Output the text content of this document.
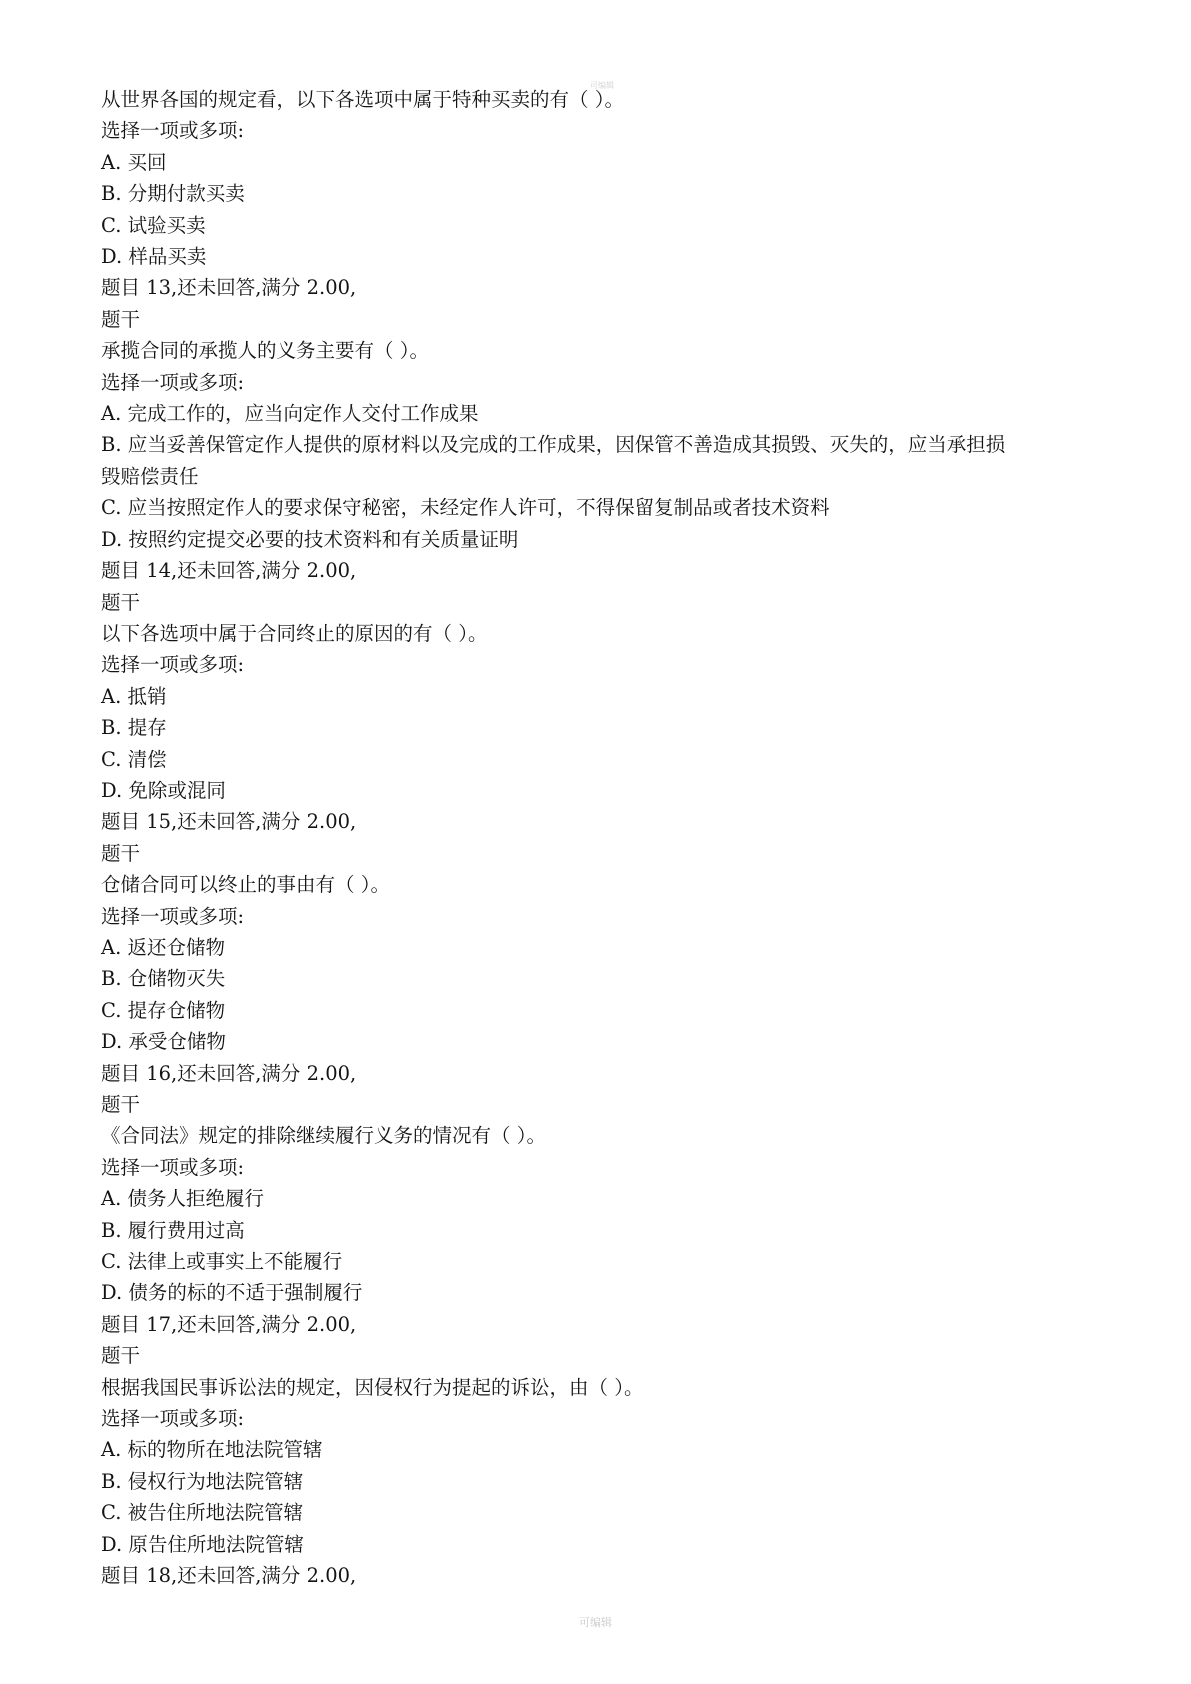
可编辑

从世界各国的规定看，以下各选项中属于特种买卖的有（ ）。

选择一项或多项:

A. 买回

B. 分期付款买卖

C. 试验买卖

D. 样品买卖

题目 13,还未回答,满分 2.00,

题干

承揽合同的承揽人的义务主要有（ ）。

选择一项或多项:

A. 完成工作的，应当向定作人交付工作成果

B. 应当妥善保管定作人提供的原材料以及完成的工作成果，因保管不善造成其损毁、灭失的，应当承担损

毁赔偿责任

C. 应当按照定作人的要求保守秘密，未经定作人许可，不得保留复制品或者技术资料

D. 按照约定提交必要的技术资料和有关质量证明

题目 14,还未回答,满分 2.00,

题干

以下各选项中属于合同终止的原因的有（ ）。

选择一项或多项:

A. 抵销

B. 提存

C. 清偿

D. 免除或混同

题目 15,还未回答,满分 2.00,

题干

仓储合同可以终止的事由有（ ）。

选择一项或多项:

A. 返还仓储物

B. 仓储物灭失

C. 提存仓储物

D. 承受仓储物

题目 16,还未回答,满分 2.00,

题干

《合同法》规定的排除继续履行义务的情况有（ ）。

选择一项或多项:

A. 债务人拒绝履行

B. 履行费用过高

C. 法律上或事实上不能履行

D. 债务的标的不适于强制履行

题目 17,还未回答,满分 2.00,

题干

根据我国民事诉讼法的规定，因侵权行为提起的诉讼，由（ ）。

选择一项或多项:

A. 标的物所在地法院管辖

B. 侵权行为地法院管辖

C. 被告住所地法院管辖

D. 原告住所地法院管辖

题目 18,还未回答,满分 2.00,

可编辑
